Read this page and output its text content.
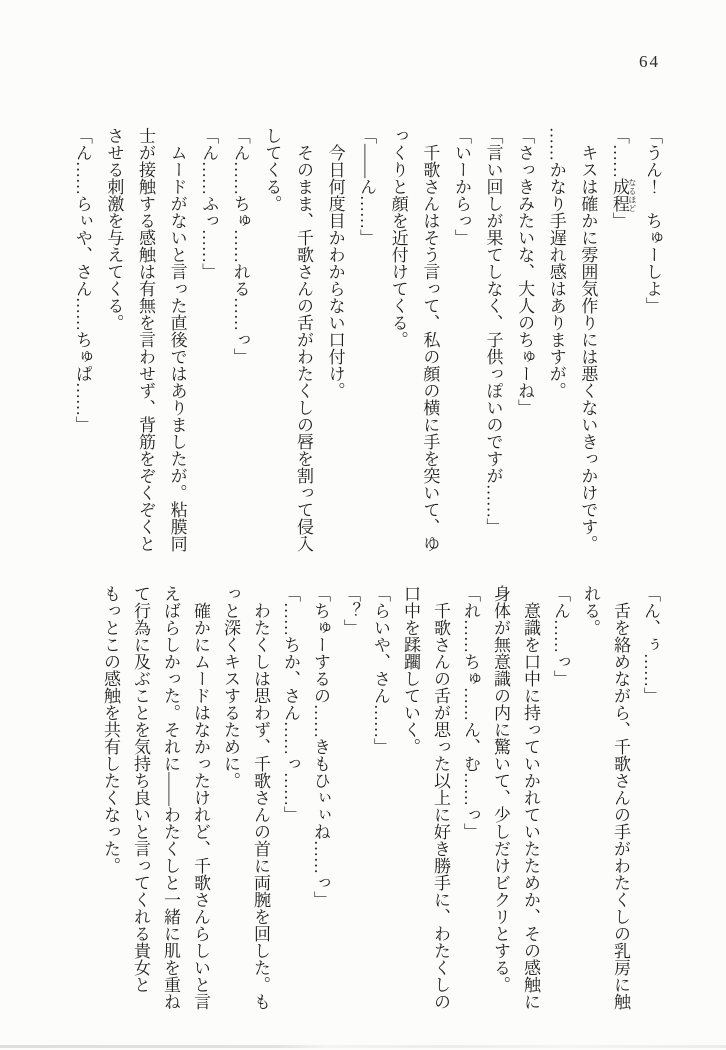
64

「うん！　ちゅーしよ」

「……成程 なるほど」

キスは確かに雰囲気作りには悪くないきっかけです。

……かなり手遅れ感はありますが。

「さっきみたいな、大人のちゅーね」

「言い回しが果てしなく、子供っぽいのですが……」

「いーからっ」

千歌さんはそう言って、私の顔の横に手を突いて、ゆ

っくりと顔を近付けてくる。

「――ん……」

今日何度目かわからない口付け。

そのまま、千歌さんの舌がわたくしの唇を割って侵入

してくる。

「ん……ちゅ……れる……っ」

「ん……ふっ……」

ムードがないと言った直後ではありましたが。粘膜同

士が接触する感触は有無を言わせず、背筋をぞくぞくと

させる刺激を与えてくる。

「ん……らぃや、さん……ちゅぱ……」

「ん、ぅ……」

舌を絡めながら、千歌さんの手がわたくしの乳房に触

れる。

「ん……っ」

意識を口中に持っていかれていたためか、その感触に

身体が無意識の内に驚いて、少しだけビクリとする。

「れ……ちゅ……ん、む……っ」

千歌さんの舌が思った以上に好き勝手に、わたくしの

口中を蹂躙していく。

「らいや、さん……」

「？」

「ちゅーするの……きもひぃぃね……っ」

「……ちか、さん……っ……」

わたくしは思わず、千歌さんの首に両腕を回した。も

っと深くキスするために。

確かにムードはなかったけれど、千歌さんらしいと言

えばらしかった。それに――わたくしと一緒に肌を重ね

て行為に及ぶことを気持ち良いと言ってくれる貴女と

もっとこの感触を共有したくなった。
